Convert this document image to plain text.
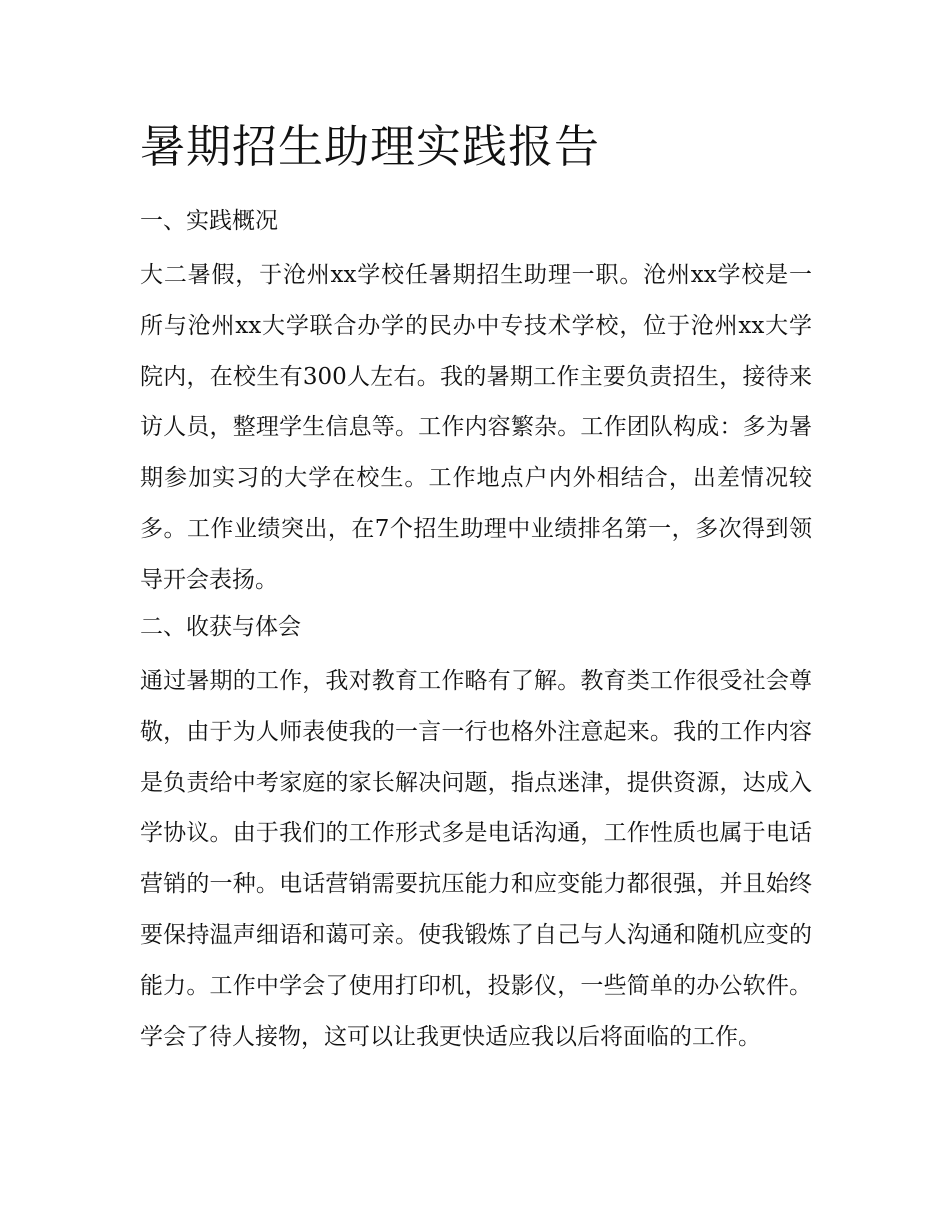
暑期招生助理实践报告
一、实践概况

大二暑假，于沧州xx学校任暑期招生助理一职。沧州xx学校是一所与沧州xx大学联合办学的民办中专技术学校，位于沧州xx大学院内，在校生有300人左右。我的暑期工作主要负责招生，接待来访人员，整理学生信息等。工作内容繁杂。工作团队构成：多为暑期参加实习的大学在校生。工作地点户内外相结合，出差情况较多。工作业绩突出，在7个招生助理中业绩排名第一，多次得到领导开会表扬。

二、收获与体会

通过暑期的工作，我对教育工作略有了解。教育类工作很受社会尊敬，由于为人师表使我的一言一行也格外注意起来。我的工作内容是负责给中考家庭的家长解决问题，指点迷津，提供资源，达成入学协议。由于我们的工作形式多是电话沟通，工作性质也属于电话营销的一种。电话营销需要抗压能力和应变能力都很强，并且始终要保持温声细语和蔼可亲。使我锻炼了自己与人沟通和随机应变的能力。工作中学会了使用打印机，投影仪，一些简单的办公软件。学会了待人接物，这可以让我更快适应我以后将面临的工作。
